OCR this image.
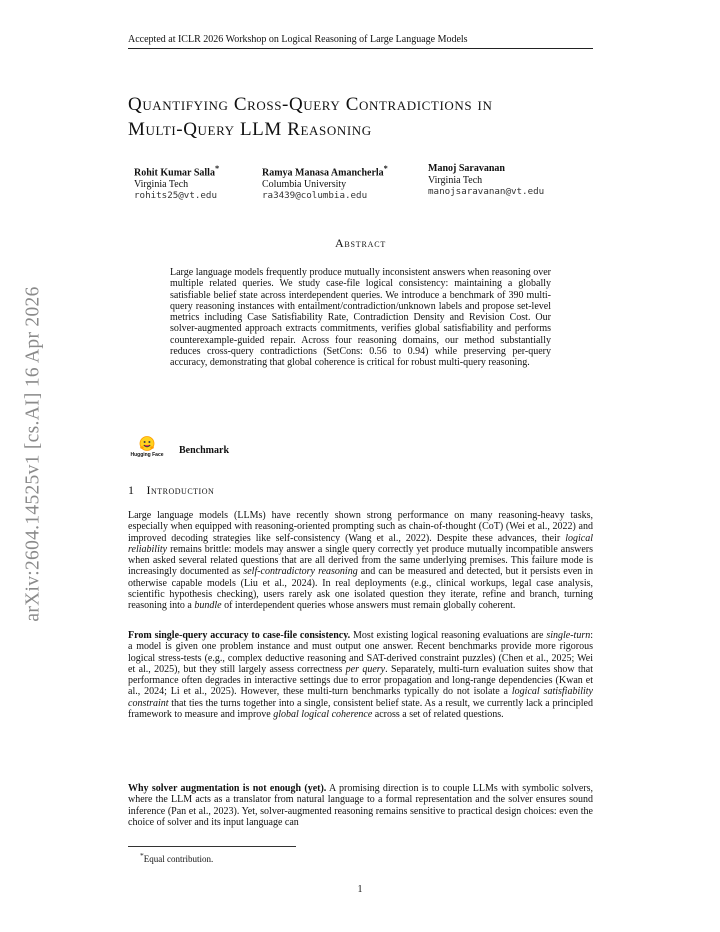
Accepted at ICLR 2026 Workshop on Logical Reasoning of Large Language Models
arXiv:2604.14525v1 [cs.AI] 16 Apr 2026
Quantifying Cross-Query Contradictions in
Multi-Query LLM Reasoning
Rohit Kumar Salla*
Virginia Tech
rohits25@vt.edu
Ramya Manasa Amancherla*
Columbia University
ra3439@columbia.edu
Manoj Saravanan
Virginia Tech
manojsaravanan@vt.edu
Abstract
Large language models frequently produce mutually inconsistent answers when reasoning over multiple related queries. We study case-file logical consistency: maintaining a globally satisfiable belief state across interdependent queries. We introduce a benchmark of 390 multi-query reasoning instances with entailment/contradiction/unknown labels and propose set-level metrics including Case Satisfiability Rate, Contradiction Density and Revision Cost. Our solver-augmented approach extracts commitments, verifies global satisfiability and performs counterexample-guided repair. Across four reasoning domains, our method substantially reduces cross-query contradictions (SetCons: 0.56 to 0.94) while preserving per-query accuracy, demonstrating that global coherence is critical for robust multi-query reasoning.
Hugging Face Benchmark
1 Introduction
Large language models (LLMs) have recently shown strong performance on many reasoning-heavy tasks, especially when equipped with reasoning-oriented prompting such as chain-of-thought (CoT) (Wei et al., 2022) and improved decoding strategies like self-consistency (Wang et al., 2022). Despite these advances, their logical reliability remains brittle: models may answer a single query correctly yet produce mutually incompatible answers when asked several related questions that are all derived from the same underlying premises. This failure mode is increasingly documented as self-contradictory reasoning and can be measured and detected, but it persists even in otherwise capable models (Liu et al., 2024). In real deployments (e.g., clinical workups, legal case analysis, scientific hypothesis checking), users rarely ask one isolated question they iterate, refine and branch, turning reasoning into a bundle of interdependent queries whose answers must remain globally coherent.
From single-query accuracy to case-file consistency. Most existing logical reasoning evaluations are single-turn: a model is given one problem instance and must output one answer. Recent benchmarks provide more rigorous logical stress-tests (e.g., complex deductive reasoning and SAT-derived constraint puzzles) (Chen et al., 2025; Wei et al., 2025), but they still largely assess correctness per query. Separately, multi-turn evaluation suites show that performance often degrades in interactive settings due to error propagation and long-range dependencies (Kwan et al., 2024; Li et al., 2025). However, these multi-turn benchmarks typically do not isolate a logical satisfiability constraint that ties the turns together into a single, consistent belief state. As a result, we currently lack a principled framework to measure and improve global logical coherence across a set of related questions.
Why solver augmentation is not enough (yet). A promising direction is to couple LLMs with symbolic solvers, where the LLM acts as a translator from natural language to a formal representation and the solver ensures sound inference (Pan et al., 2023). Yet, solver-augmented reasoning remains sensitive to practical design choices: even the choice of solver and its input language can
*Equal contribution.
1
